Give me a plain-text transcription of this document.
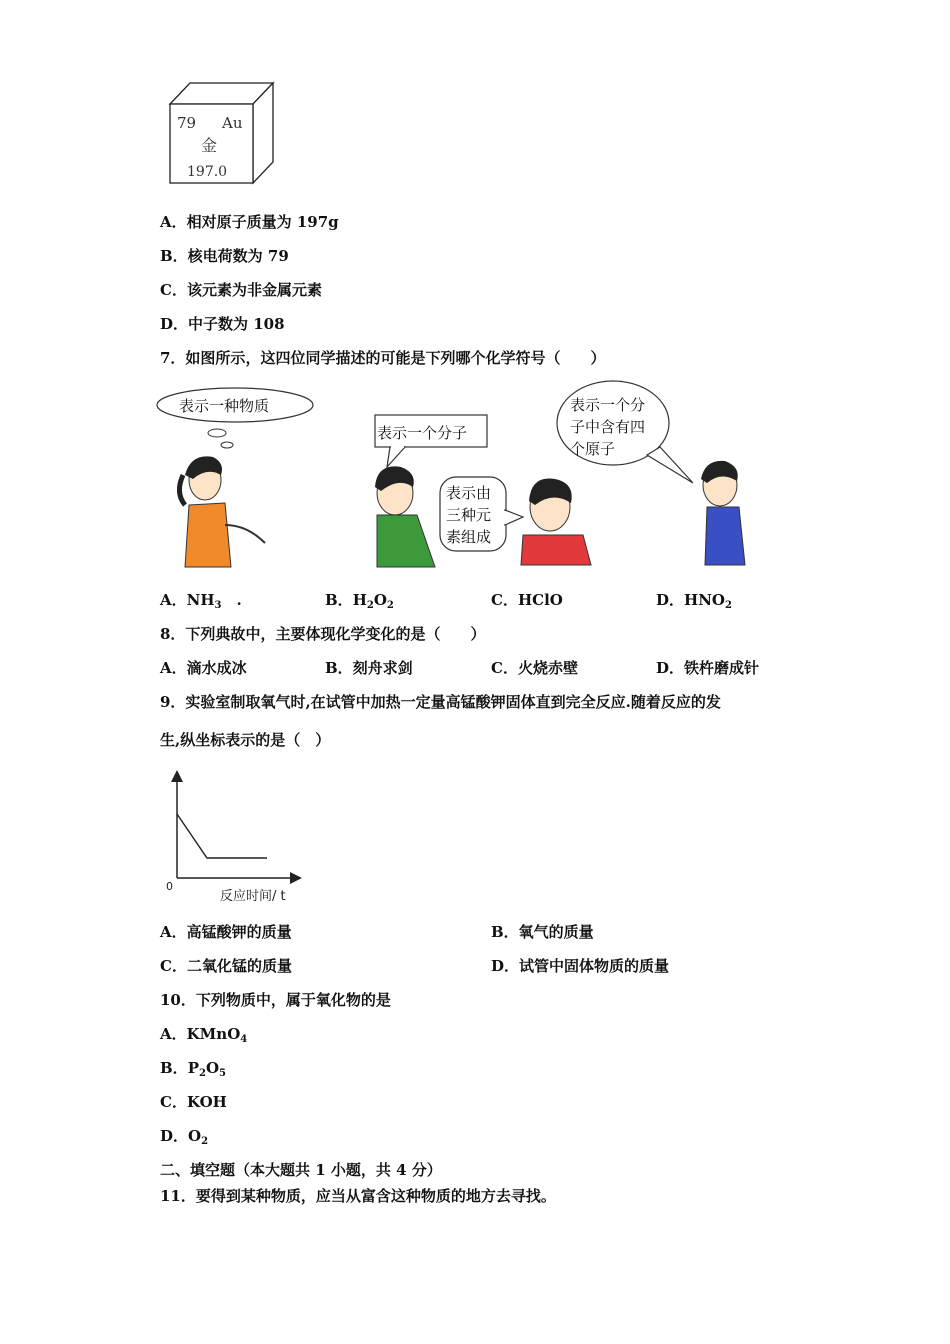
79 Au
金
197.0
A．相对原子质量为 197g
B．核电荷数为 79
C．该元素为非金属元素
D．中子数为 108
7．如图所示，这四位同学描述的可能是下列哪个化学符号（　　）
表示一种物质
表示一个分子
表示由
三种元
素组成
表示一个分
子中含有四
个原子
A．$NH_3$　.	B．$H_2O_2$	C．HClO	D．$HNO_2$
8．下列典故中，主要体现化学变化的是（　　）
A．滴水成冰	B．刻舟求剑	C．火烧赤壁	D．铁杵磨成针
9．实验室制取氧气时,在试管中加热一定量高锰酸钾固体直到完全反应.随着反应的发
生,纵坐标表示的是（　）
0
反应时间/ t
A．高锰酸钾的质量	B．氧气的质量
C．二氧化锰的质量	D．试管中固体物质的质量
10．下列物质中，属于氧化物的是
A．KMnO$_4$
B．$P_2O_5$
C．KOH
D．$O_2$
二、填空题（本大题共 1 小题，共 4 分）
11．要得到某种物质，应当从富含这种物质的地方去寻找。
